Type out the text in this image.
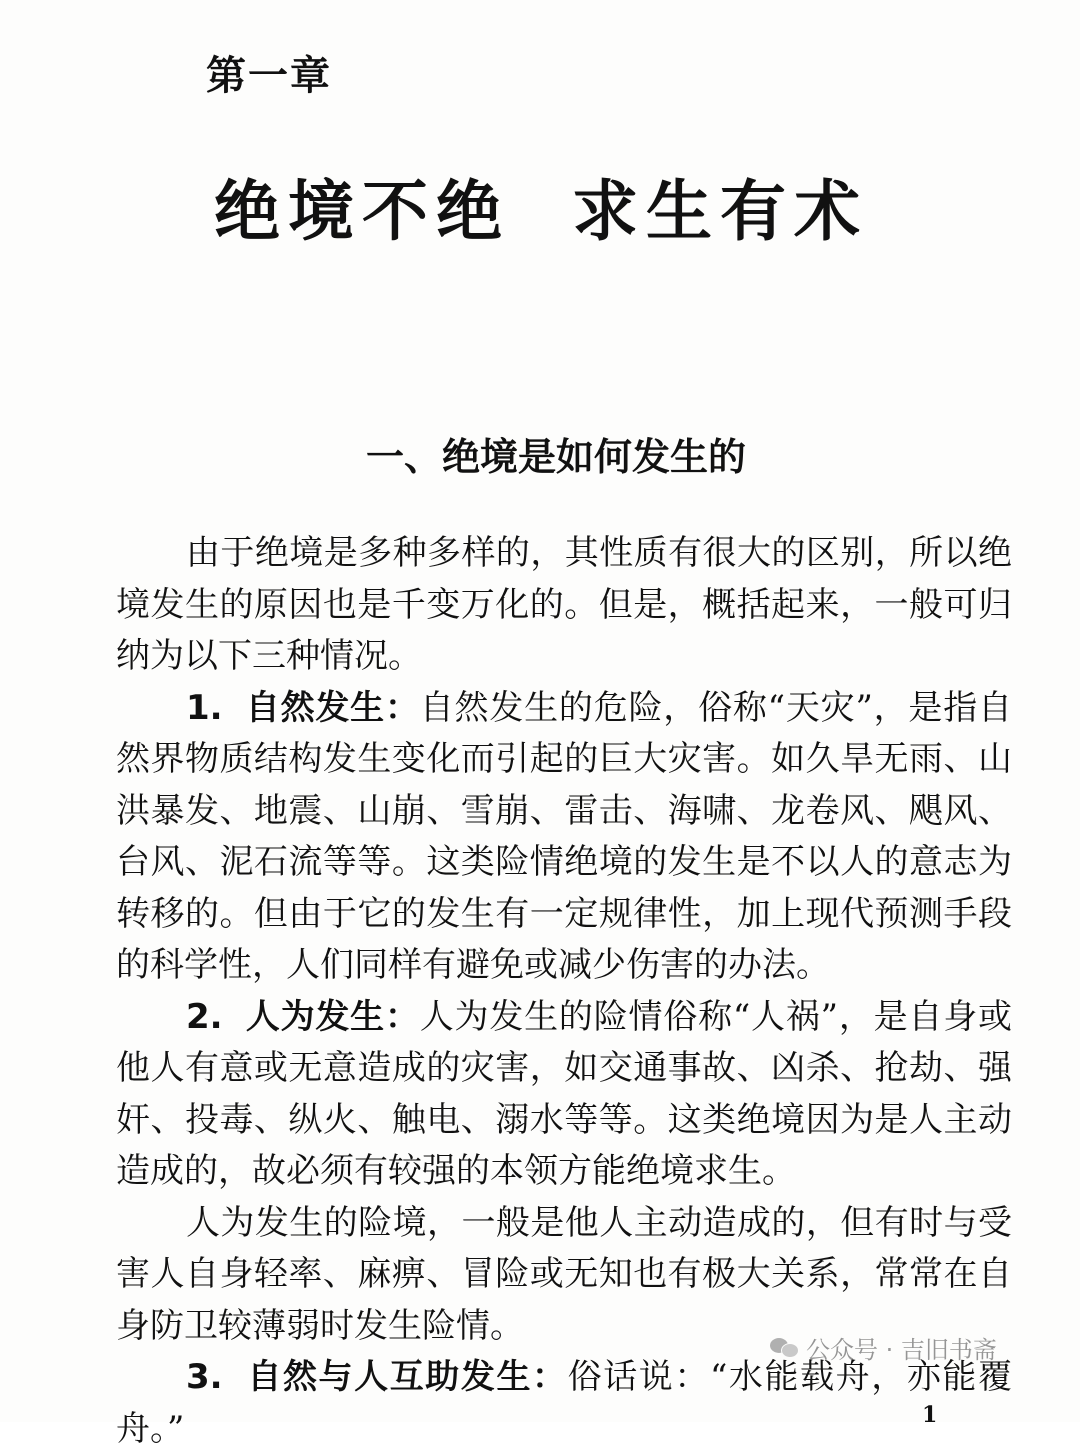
第一章
绝境不绝  求生有术
一、绝境是如何发生的

由于绝境是多种多样的，其性质有很大的区别，所以绝境发生的原因也是千变万化的。但是，概括起来，一般可归纳为以下三种情况。

1. 自然发生：自然发生的危险，俗称“天灾”，是指自然界物质结构发生变化而引起的巨大灾害。如久旱无雨、山洪暴发、地震、山崩、雪崩、雷击、海啸、龙卷风、飓风、台风、泥石流等等。这类险情绝境的发生是不以人的意志为转移的。但由于它的发生有一定规律性，加上现代预测手段的科学性，人们同样有避免或减少伤害的办法。

2. 人为发生：人为发生的险情俗称“人祸”，是自身或他人有意或无意造成的灾害，如交通事故、凶杀、抢劫、强奸、投毒、纵火、触电、溺水等等。这类绝境因为是人主动造成的，故必须有较强的本领方能绝境求生。

人为发生的险境，一般是他人主动造成的，但有时与受害人自身轻率、麻痹、冒险或无知也有极大关系，常常在自身防卫较薄弱时发生险情。

3. 自然与人互助发生：俗话说：“水能载舟，亦能覆舟。”

公众号 · 吉旧书斋
1
